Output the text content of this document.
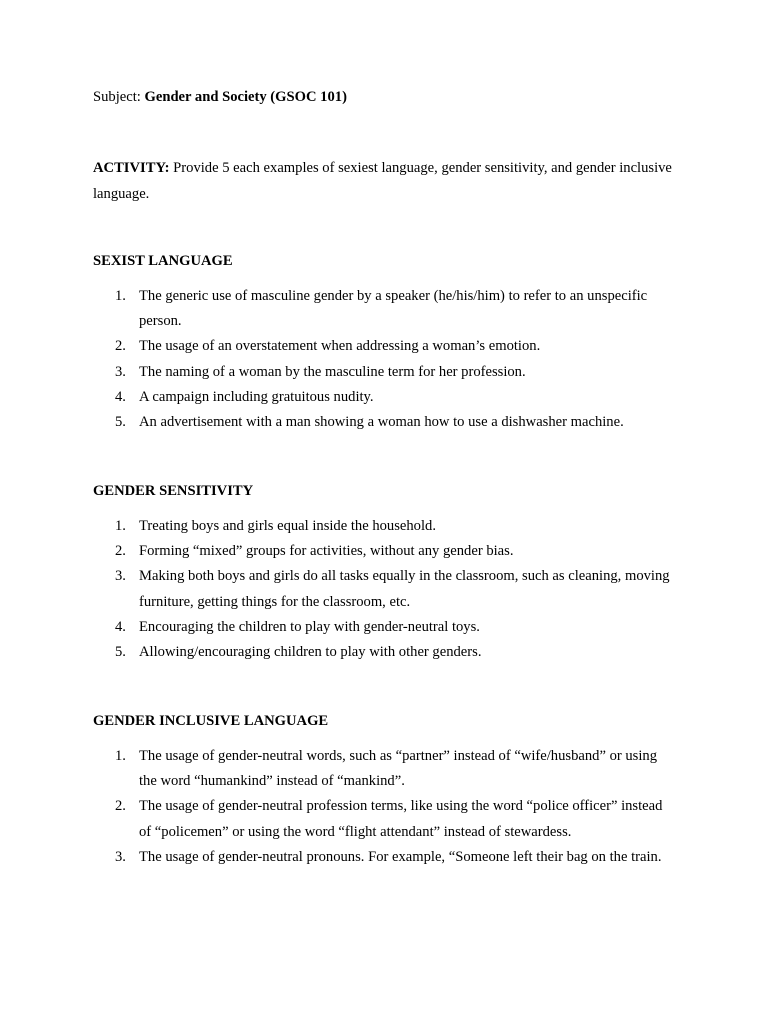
Subject: Gender and Society (GSOC 101)
ACTIVITY: Provide 5 each examples of sexiest language, gender sensitivity, and gender inclusive language.
SEXIST LANGUAGE
1. The generic use of masculine gender by a speaker (he/his/him) to refer to an unspecific person.
2. The usage of an overstatement when addressing a woman’s emotion.
3. The naming of a woman by the masculine term for her profession.
4. A campaign including gratuitous nudity.
5. An advertisement with a man showing a woman how to use a dishwasher machine.
GENDER SENSITIVITY
1. Treating boys and girls equal inside the household.
2. Forming “mixed” groups for activities, without any gender bias.
3. Making both boys and girls do all tasks equally in the classroom, such as cleaning, moving furniture, getting things for the classroom, etc.
4. Encouraging the children to play with gender-neutral toys.
5. Allowing/encouraging children to play with other genders.
GENDER INCLUSIVE LANGUAGE
1. The usage of gender-neutral words, such as “partner” instead of “wife/husband” or using the word “humankind” instead of “mankind”.
2. The usage of gender-neutral profession terms, like using the word “police officer” instead of “policemen” or using the word “flight attendant” instead of stewardess.
3. The usage of gender-neutral pronouns. For example, “Someone left their bag on the train.
